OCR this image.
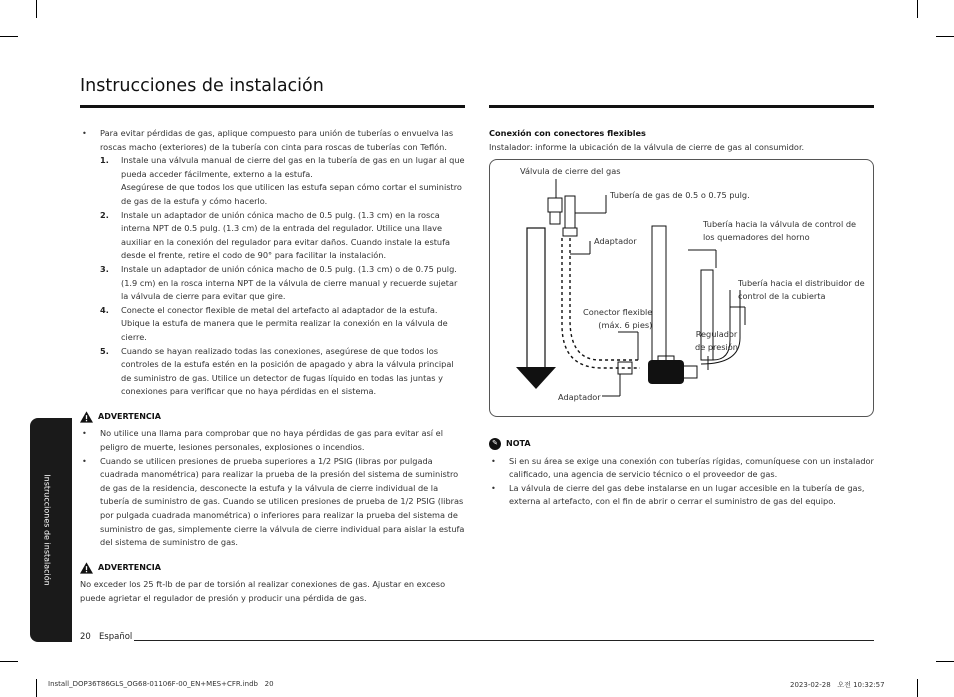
Instrucciones de instalación
Instrucciones de instalación

• Para evitar pérdidas de gas, aplique compuesto para unión de tuberías o envuelva las roscas macho (exteriores) de la tubería con cinta para roscas de tuberías con Teflón.

1. Instale una válvula manual de cierre del gas en la tubería de gas en un lugar al que pueda acceder fácilmente, externo a la estufa.

Asegúrese de que todos los que utilicen las estufa sepan cómo cortar el suministro de gas de la estufa y cómo hacerlo.

2. Instale un adaptador de unión cónica macho de 0.5 pulg. (1.3 cm) en la rosca interna NPT de 0.5 pulg. (1.3 cm) de la entrada del regulador. Utilice una llave auxiliar en la conexión del regulador para evitar daños. Cuando instale la estufa desde el frente, retire el codo de 90° para facilitar la instalación.

3. Instale un adaptador de unión cónica macho de 0.5 pulg. (1.3 cm) o de 0.75 pulg. (1.9 cm) en la rosca interna NPT de la válvula de cierre manual y recuerde sujetar la válvula de cierre para evitar que gire.

4. Conecte el conector flexible de metal del artefacto al adaptador de la estufa. Ubique la estufa de manera que le permita realizar la conexión en la válvula de cierre.

5. Cuando se hayan realizado todas las conexiones, asegúrese de que todos los controles de la estufa estén en la posición de apagado y abra la válvula principal de suministro de gas. Utilice un detector de fugas líquido en todas las juntas y conexiones para verificar que no haya pérdidas en el sistema.

ADVERTENCIA
• No utilice una llama para comprobar que no haya pérdidas de gas para evitar así el peligro de muerte, lesiones personales, explosiones o incendios.
• Cuando se utilicen presiones de prueba superiores a 1/2 PSIG (libras por pulgada cuadrada manométrica) para realizar la prueba de la presión del sistema de suministro de gas de la residencia, desconecte la estufa y la válvula de cierre individual de la tubería de suministro de gas. Cuando se utilicen presiones de prueba de 1/2 PSIG (libras por pulgada cuadrada manométrica) o inferiores para realizar la prueba del sistema de suministro de gas, simplemente cierre la válvula de cierre individual para aislar la estufa del sistema de suministro de gas.
ADVERTENCIA

No exceder los 25 ft-lb de par de torsión al realizar conexiones de gas. Ajustar en exceso puede agrietar el regulador de presión y producir una pérdida de gas.

Conexión con conectores flexibles

Instalador: informe la ubicación de la válvula de cierre de gas al consumidor.

Válvula de cierre del gas
Tubería de gas de 0.5 o 0.75 pulg.
Adaptador
Tubería hacia la válvula de control de
los quemadores del horno
Tubería hacia el distribuidor de
control de la cubierta
Flujo de gas a la estufa	Conector flexible
(máx. 6 pies)
Regulador
de presión
Adaptador
✎	NOTA
• Si en su área se exige una conexión con tuberías rígidas, comuníquese con un instalador calificado, una agencia de servicio técnico o el proveedor de gas.
• La válvula de cierre del gas debe instalarse en un lugar accesible en la tubería de gas, externa al artefacto, con el fin de abrir o cerrar el suministro de gas del equipo.
20 Español
Install_DOP36T86GLS_OG68-01106F-00_EN+MES+CFR.indb   20	2023-02-28   오전 10:32:57
